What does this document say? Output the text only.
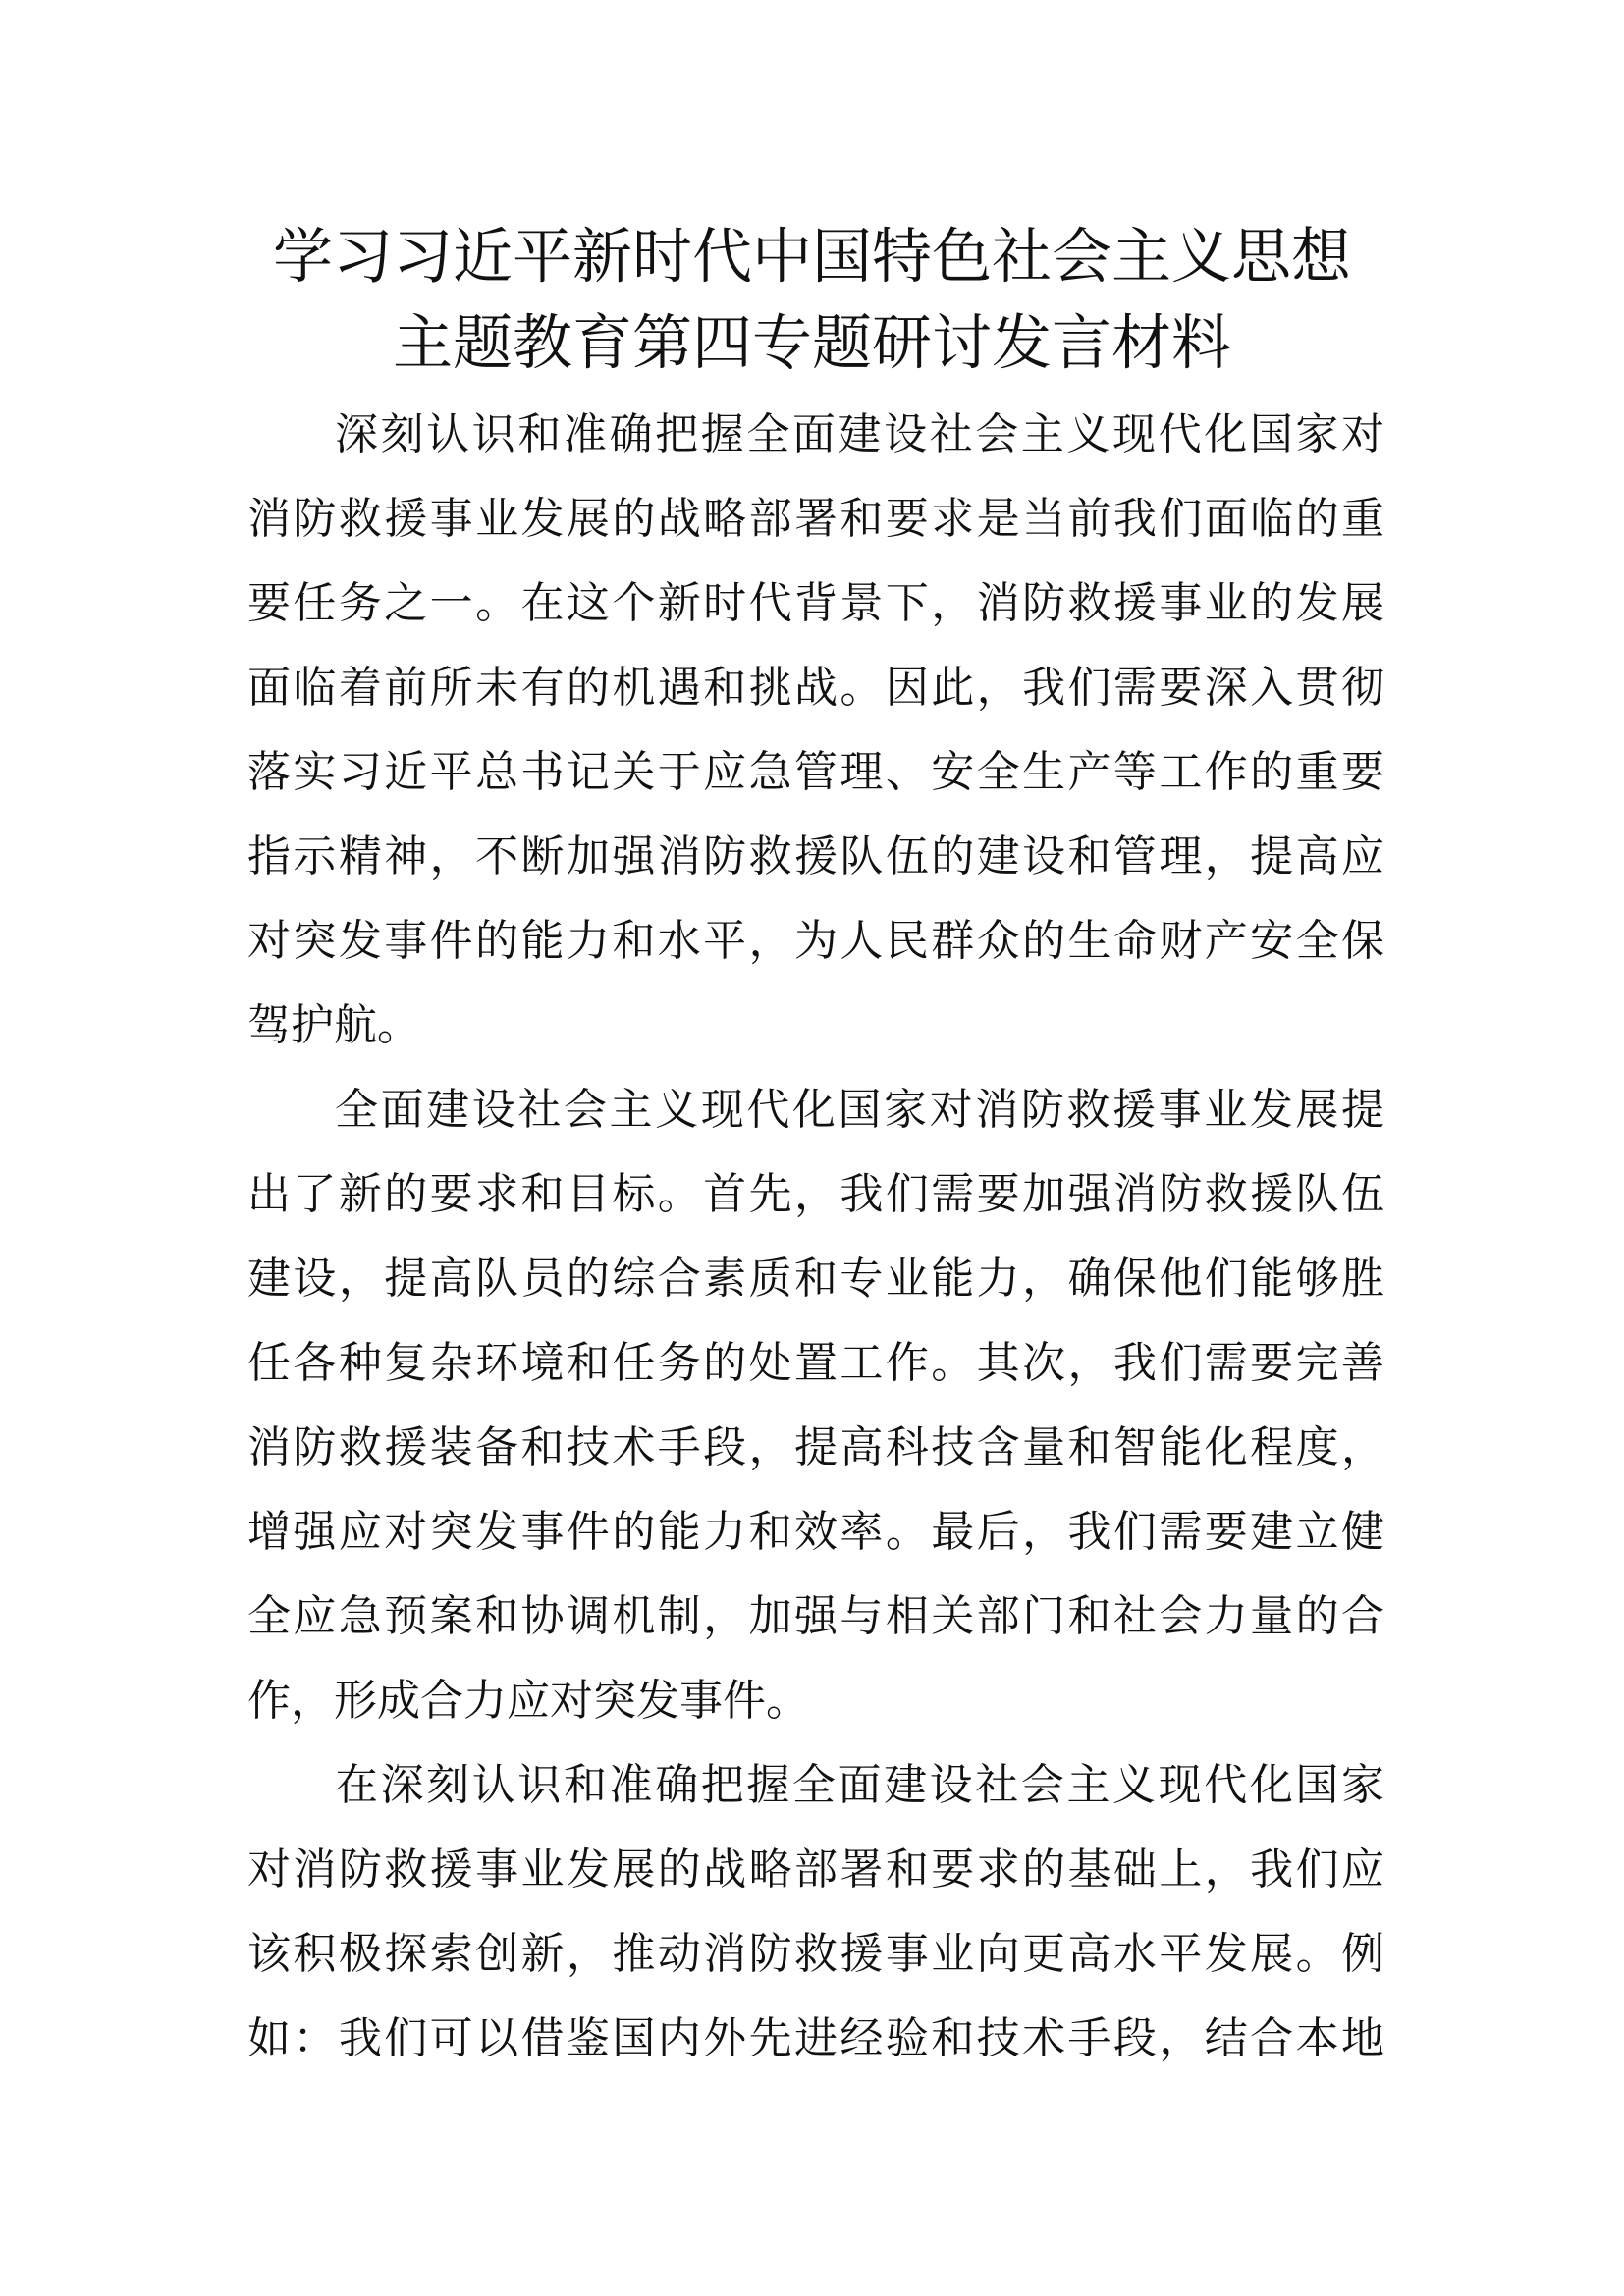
学习习近平新时代中国特色社会主义思想
主题教育第四专题研讨发言材料
深刻认识和准确把握全面建设社会主义现代化国家对
消防救援事业发展的战略部署和要求是当前我们面临的重
要任务之一。在这个新时代背景下，消防救援事业的发展
面临着前所未有的机遇和挑战。因此，我们需要深入贯彻
落实习近平总书记关于应急管理、安全生产等工作的重要
指示精神，不断加强消防救援队伍的建设和管理，提高应
对突发事件的能力和水平，为人民群众的生命财产安全保
驾护航。
全面建设社会主义现代化国家对消防救援事业发展提
出了新的要求和目标。首先，我们需要加强消防救援队伍
建设，提高队员的综合素质和专业能力，确保他们能够胜
任各种复杂环境和任务的处置工作。其次，我们需要完善
消防救援装备和技术手段，提高科技含量和智能化程度，
增强应对突发事件的能力和效率。最后，我们需要建立健
全应急预案和协调机制，加强与相关部门和社会力量的合
作，形成合力应对突发事件。
在深刻认识和准确把握全面建设社会主义现代化国家
对消防救援事业发展的战略部署和要求的基础上，我们应
该积极探索创新，推动消防救援事业向更高水平发展。例
如：我们可以借鉴国内外先进经验和技术手段，结合本地
